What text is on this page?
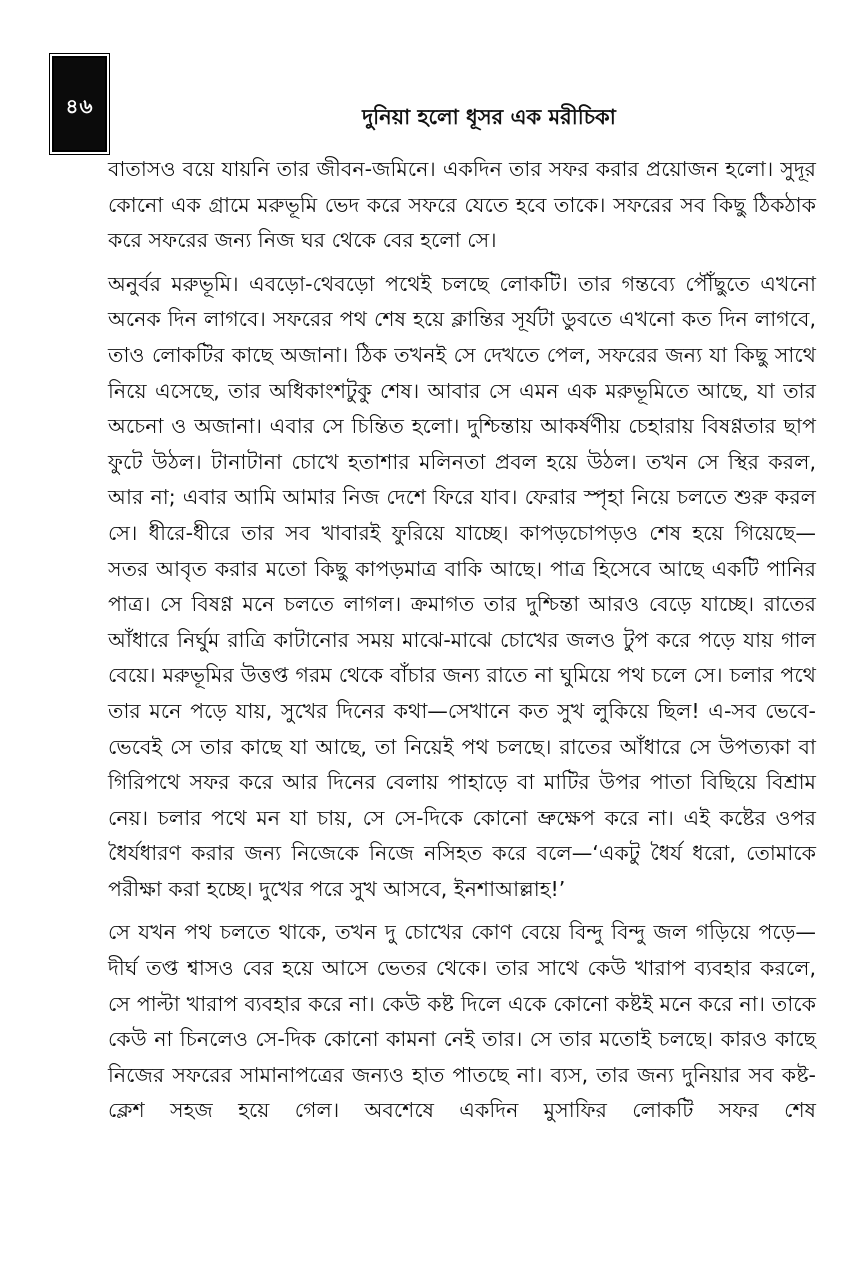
৪৬	দুনিয়া হলো ধূসর এক মরীচিকা

বাতাসও বয়ে যায়নি তার জীবন-জমিনে। একদিন তার সফর করার প্রয়োজন হলো। সুদূর কোনো এক গ্রামে মরুভূমি ভেদ করে সফরে যেতে হবে তাকে। সফরের সব কিছু ঠিকঠাক করে সফরের জন্য নিজ ঘর থেকে বের হলো সে।

অনুর্বর মরুভূমি। এবড়ো-থেবড়ো পথেই চলছে লোকটি। তার গন্তব্যে পৌঁছুতে এখনো অনেক দিন লাগবে। সফরের পথ শেষ হয়ে ক্লান্তির সূর্যটা ডুবতে এখনো কত দিন লাগবে, তাও লোকটির কাছে অজানা। ঠিক তখনই সে দেখতে পেল, সফরের জন্য যা কিছু সাথে নিয়ে এসেছে, তার অধিকাংশটুকু শেষ। আবার সে এমন এক মরুভূমিতে আছে, যা তার অচেনা ও অজানা। এবার সে চিন্তিত হলো। দুশ্চিন্তায় আকর্ষণীয় চেহারায় বিষণ্ণতার ছাপ ফুটে উঠল। টানাটানা চোখে হতাশার মলিনতা প্রবল হয়ে উঠল। তখন সে স্থির করল, আর না; এবার আমি আমার নিজ দেশে ফিরে যাব। ফেরার স্পৃহা নিয়ে চলতে শুরু করল সে। ধীরে-ধীরে তার সব খাবারই ফুরিয়ে যাচ্ছে। কাপড়চোপড়ও শেষ হয়ে গিয়েছে— সতর আবৃত করার মতো কিছু কাপড়মাত্র বাকি আছে। পাত্র হিসেবে আছে একটি পানির পাত্র। সে বিষণ্ণ মনে চলতে লাগল। ক্রমাগত তার দুশ্চিন্তা আরও বেড়ে যাচ্ছে। রাতের আঁধারে নির্ঘুম রাত্রি কাটানোর সময় মাঝে-মাঝে চোখের জলও টুপ করে পড়ে যায় গাল বেয়ে। মরুভূমির উত্তপ্ত গরম থেকে বাঁচার জন্য রাতে না ঘুমিয়ে পথ চলে সে। চলার পথে তার মনে পড়ে যায়, সুখের দিনের কথা—সেখানে কত সুখ লুকিয়ে ছিল! এ-সব ভেবে-ভেবেই সে তার কাছে যা আছে, তা নিয়েই পথ চলছে। রাতের আঁধারে সে উপত্যকা বা গিরিপথে সফর করে আর দিনের বেলায় পাহাড়ে বা মাটির উপর পাতা বিছিয়ে বিশ্রাম নেয়। চলার পথে মন যা চায়, সে সে-দিকে কোনো ভ্রুক্ষেপ করে না। এই কষ্টের ওপর ধৈর্যধারণ করার জন্য নিজেকে নিজে নসিহত করে বলে—‘একটু ধৈর্য ধরো, তোমাকে পরীক্ষা করা হচ্ছে। দুখের পরে সুখ আসবে, ইনশাআল্লাহ!’

সে যখন পথ চলতে থাকে, তখন দু চোখের কোণ বেয়ে বিন্দু বিন্দু জল গড়িয়ে পড়ে— দীর্ঘ তপ্ত শ্বাসও বের হয়ে আসে ভেতর থেকে। তার সাথে কেউ খারাপ ব্যবহার করলে, সে পাল্টা খারাপ ব্যবহার করে না। কেউ কষ্ট দিলে একে কোনো কষ্টই মনে করে না। তাকে কেউ না চিনলেও সে-দিক কোনো কামনা নেই তার। সে তার মতোই চলছে। কারও কাছে নিজের সফরের সামানাপত্রের জন্যও হাত পাতছে না। ব্যস, তার জন্য দুনিয়ার সব কষ্ট-ক্লেশ সহজ হয়ে গেল। অবশেষে একদিন মুসাফির লোকটি সফর শেষ
